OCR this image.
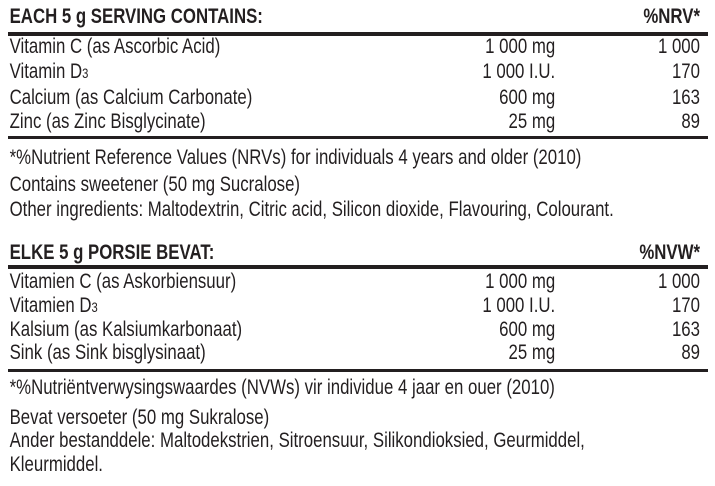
EACH 5 g SERVING CONTAINS:	%NRV*
Vitamin C (as Ascorbic Acid)	1 000 mg	1 000
Vitamin D3	1 000 I.U.	170
Calcium (as Calcium Carbonate)	600 mg	163
Zinc (as Zinc Bisglycinate)	25 mg	89
*%Nutrient Reference Values (NRVs) for individuals 4 years and older (2010)
Contains sweetener (50 mg Sucralose)
Other ingredients: Maltodextrin, Citric acid, Silicon dioxide, Flavouring, Colourant.
ELKE 5 g PORSIE BEVAT:	%NVW*
Vitamien C (as Askorbiensuur)	1 000 mg	1 000
Vitamien D3	1 000 I.U.	170
Kalsium (as Kalsiumkarbonaat)	600 mg	163
Sink (as Sink bisglysinaat)	25 mg	89
*%Nutriëntverwysingswaardes (NVWs) vir individue 4 jaar en ouer (2010)
Bevat versoeter (50 mg Sukralose)
Ander bestanddele: Maltodekstrien, Sitroensuur, Silikondioksied, Geurmiddel,
Kleurmiddel.
